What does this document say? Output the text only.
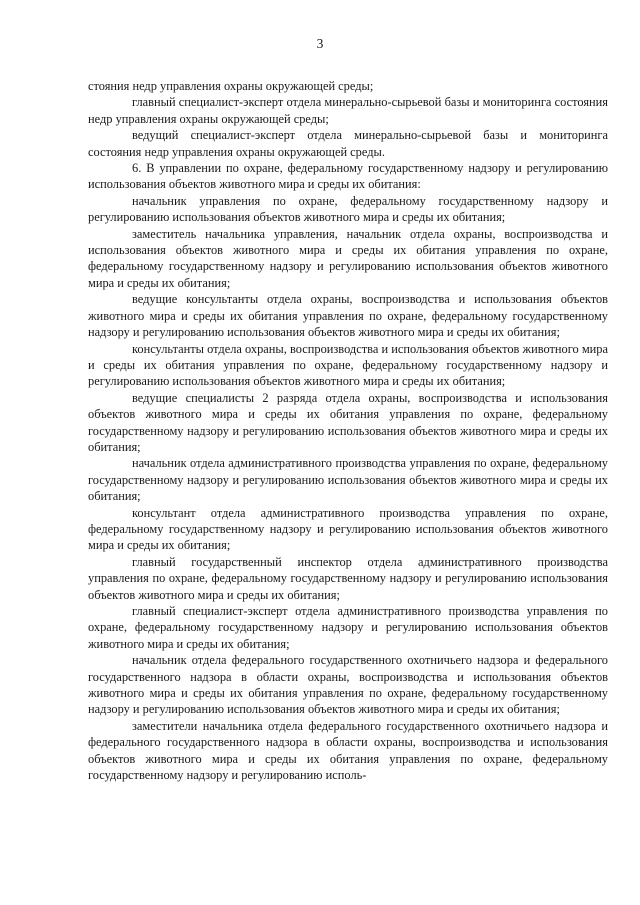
3

стояния недр управления охраны окружающей среды;

главный специалист-эксперт отдела минерально-сырьевой базы и мониторинга состояния недр управления охраны окружающей среды;

ведущий специалист-эксперт отдела минерально-сырьевой базы и мониторинга состояния недр управления охраны окружающей среды.

6. В управлении по охране, федеральному государственному надзору и регулированию использования объектов животного мира и среды их обитания:

начальник управления по охране, федеральному государственному надзору и регулированию использования объектов животного мира и среды их обитания;

заместитель начальника управления, начальник отдела охраны, воспроизводства и использования объектов животного мира и среды их обитания управления по охране, федеральному государственному надзору и регулированию использования объектов животного мира и среды их обитания;

ведущие консультанты отдела охраны, воспроизводства и использования объектов животного мира и среды их обитания управления по охране, федеральному государственному надзору и регулированию использования объектов животного мира и среды их обитания;

консультанты отдела охраны, воспроизводства и использования объектов животного мира и среды их обитания управления по охране, федеральному государственному надзору и регулированию использования объектов животного мира и среды их обитания;

ведущие специалисты 2 разряда отдела охраны, воспроизводства и использования объектов животного мира и среды их обитания управления по охране, федеральному государственному надзору и регулированию использования объектов животного мира и среды их обитания;

начальник отдела административного производства управления по охране, федеральному государственному надзору и регулированию использования объектов животного мира и среды их обитания;

консультант отдела административного производства управления по охране, федеральному государственному надзору и регулированию использования объектов животного мира и среды их обитания;

главный государственный инспектор отдела административного производства управления по охране, федеральному государственному надзору и регулированию использования объектов животного мира и среды их обитания;

главный специалист-эксперт отдела административного производства управления по охране, федеральному государственному надзору и регулированию использования объектов животного мира и среды их обитания;

начальник отдела федерального государственного охотничьего надзора и федерального государственного надзора в области охраны, воспроизводства и использования объектов животного мира и среды их обитания управления по охране, федеральному государственному надзору и регулированию использования объектов животного мира и среды их обитания;

заместители начальника отдела федерального государственного охотничьего надзора и федерального государственного надзора в области охраны, воспроизводства и использования объектов животного мира и среды их обитания управления по охране, федеральному государственному надзору и регулированию исполь-
